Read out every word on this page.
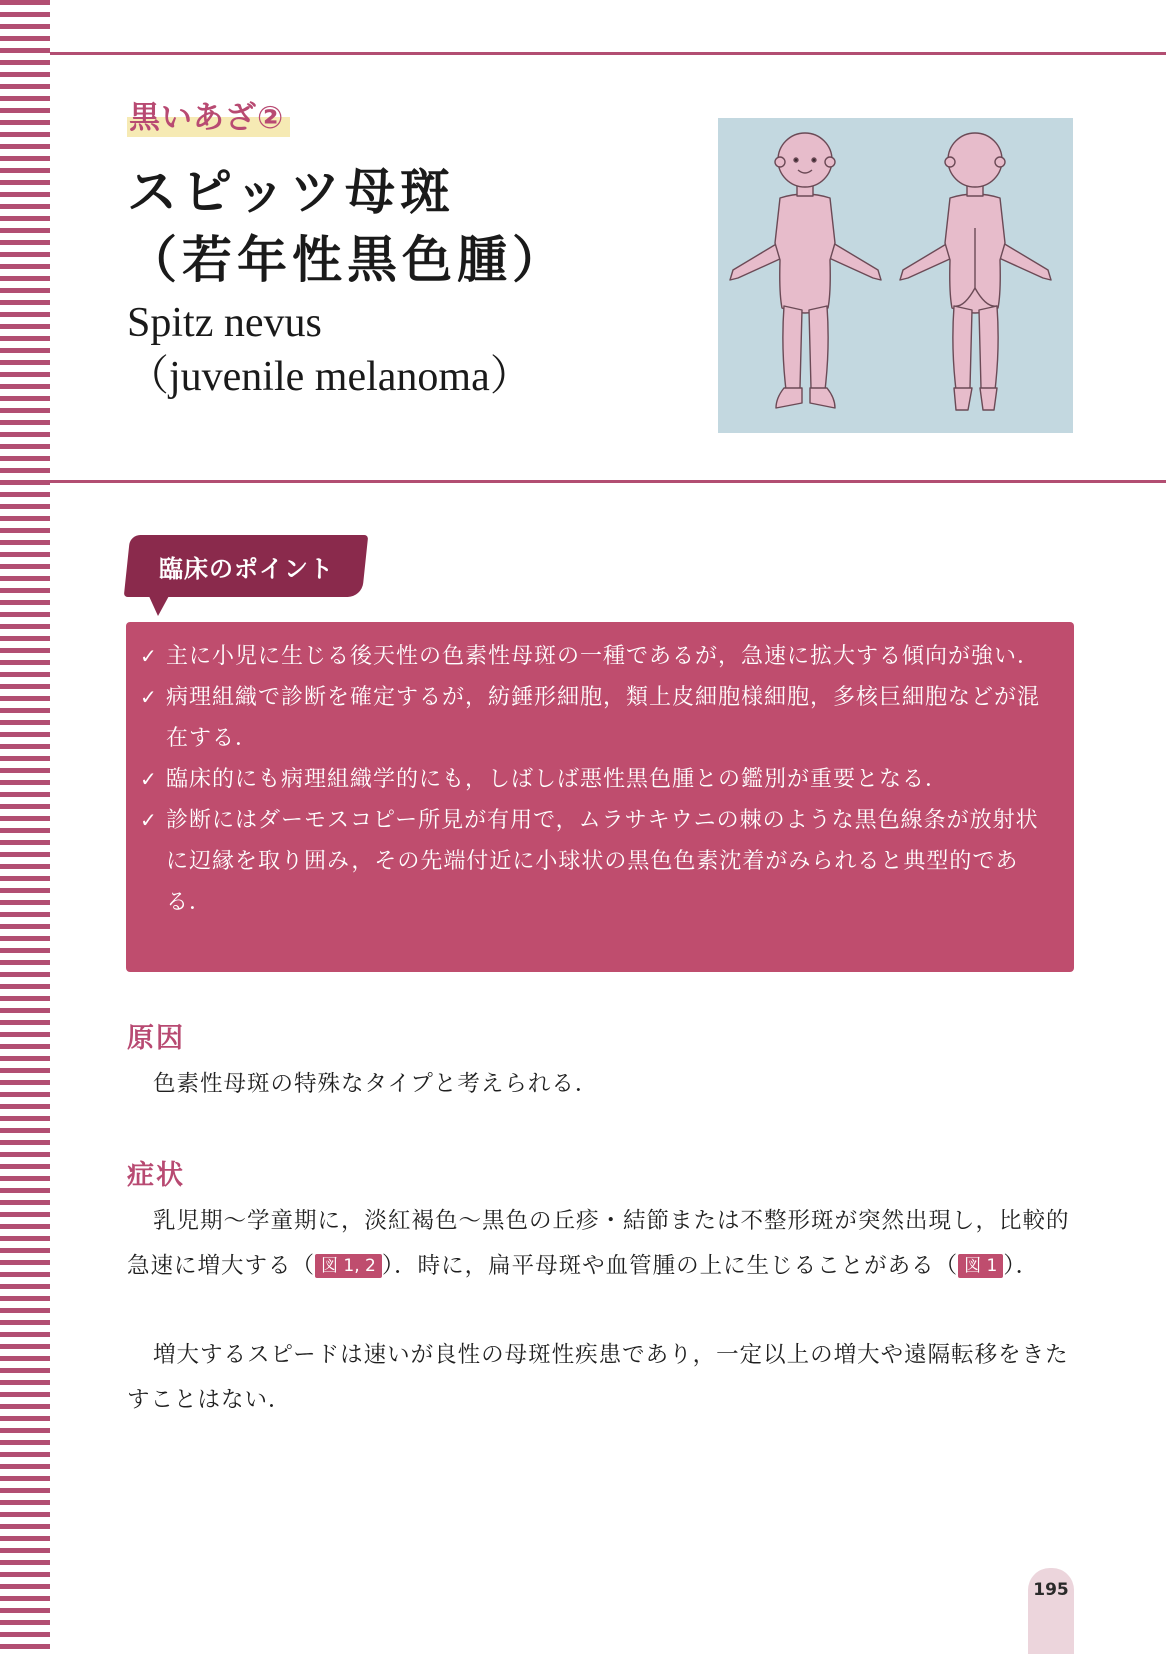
黒いあざ②
スピッツ母斑
（若年性黒色腫）
Spitz nevus
（juvenile melanoma）
臨床のポイント
✓ 主に小児に生じる後天性の色素性母斑の一種であるが，急速に拡大する傾向が強い．
✓ 病理組織で診断を確定するが，紡錘形細胞，類上皮細胞様細胞，多核巨細胞などが混在する．
✓ 臨床的にも病理組織学的にも，しばしば悪性黒色腫との鑑別が重要となる．
✓ 診断にはダーモスコピー所見が有用で，ムラサキウニの棘のような黒色線条が放射状に辺縁を取り囲み，その先端付近に小球状の黒色色素沈着がみられると典型的である．
原因
色素性母斑の特殊なタイプと考えられる．
症状
乳児期～学童期に，淡紅褐色～黒色の丘疹・結節または不整形斑が突然出現し，比較的急速に増大する（ 図 1, 2 ）．時に，扁平母斑や血管腫の上に生じることがある（ 図 1 ）．
増大するスピードは速いが良性の母斑性疾患であり，一定以上の増大や遠隔転移をきたすことはない．
195
